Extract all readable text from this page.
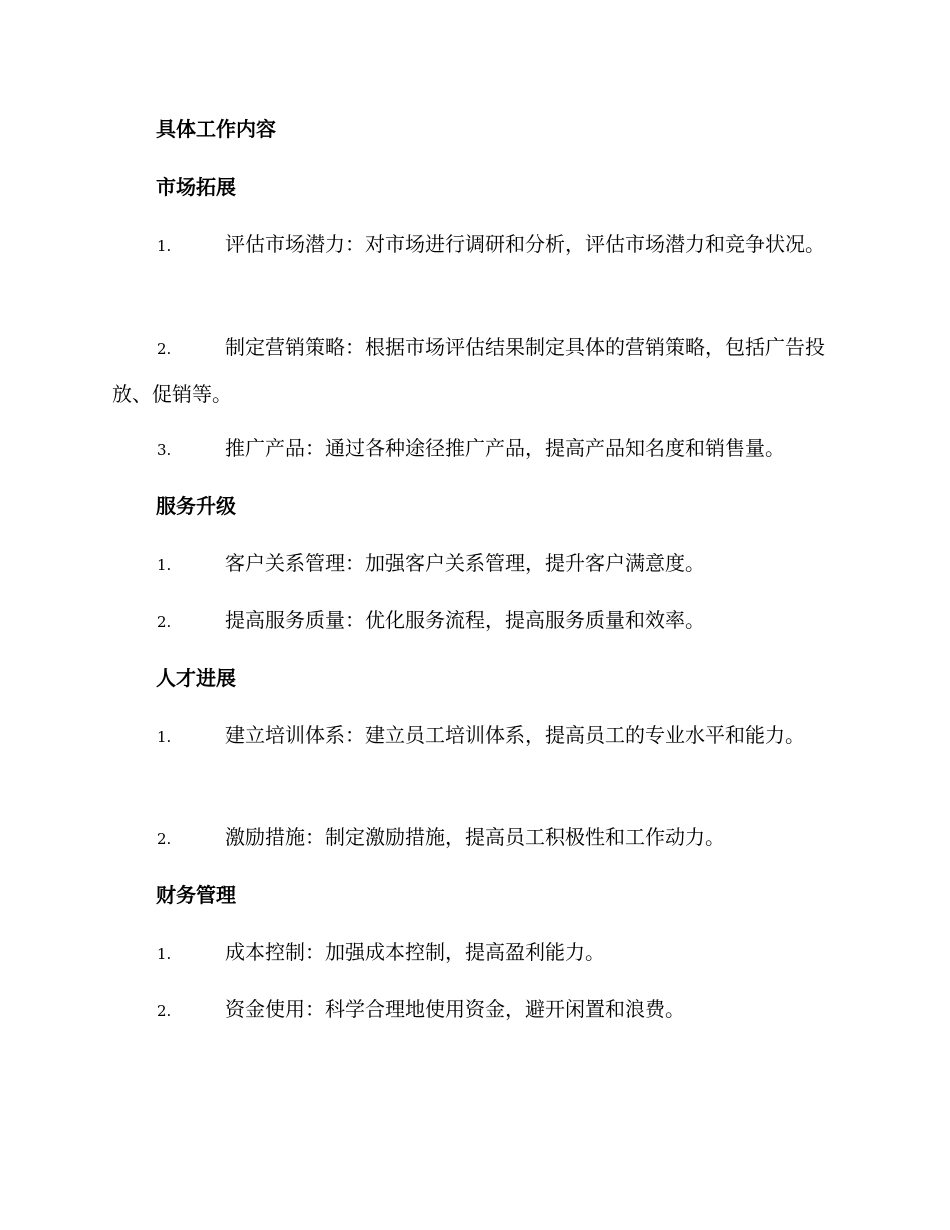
具体工作内容
市场拓展
1.	评估市场潜力：对市场进行调研和分析，评估市场潜力和竞争状况。
2.	制定营销策略：根据市场评估结果制定具体的营销策略，包括广告投放、促销等。
3.	推广产品：通过各种途径推广产品，提高产品知名度和销售量。
服务升级
1.	客户关系管理：加强客户关系管理，提升客户满意度。
2.	提高服务质量：优化服务流程，提高服务质量和效率。
人才进展
1.	建立培训体系：建立员工培训体系，提高员工的专业水平和能力。
2.	激励措施：制定激励措施，提高员工积极性和工作动力。
财务管理
1.	成本控制：加强成本控制，提高盈利能力。
2.	资金使用：科学合理地使用资金，避开闲置和浪费。
